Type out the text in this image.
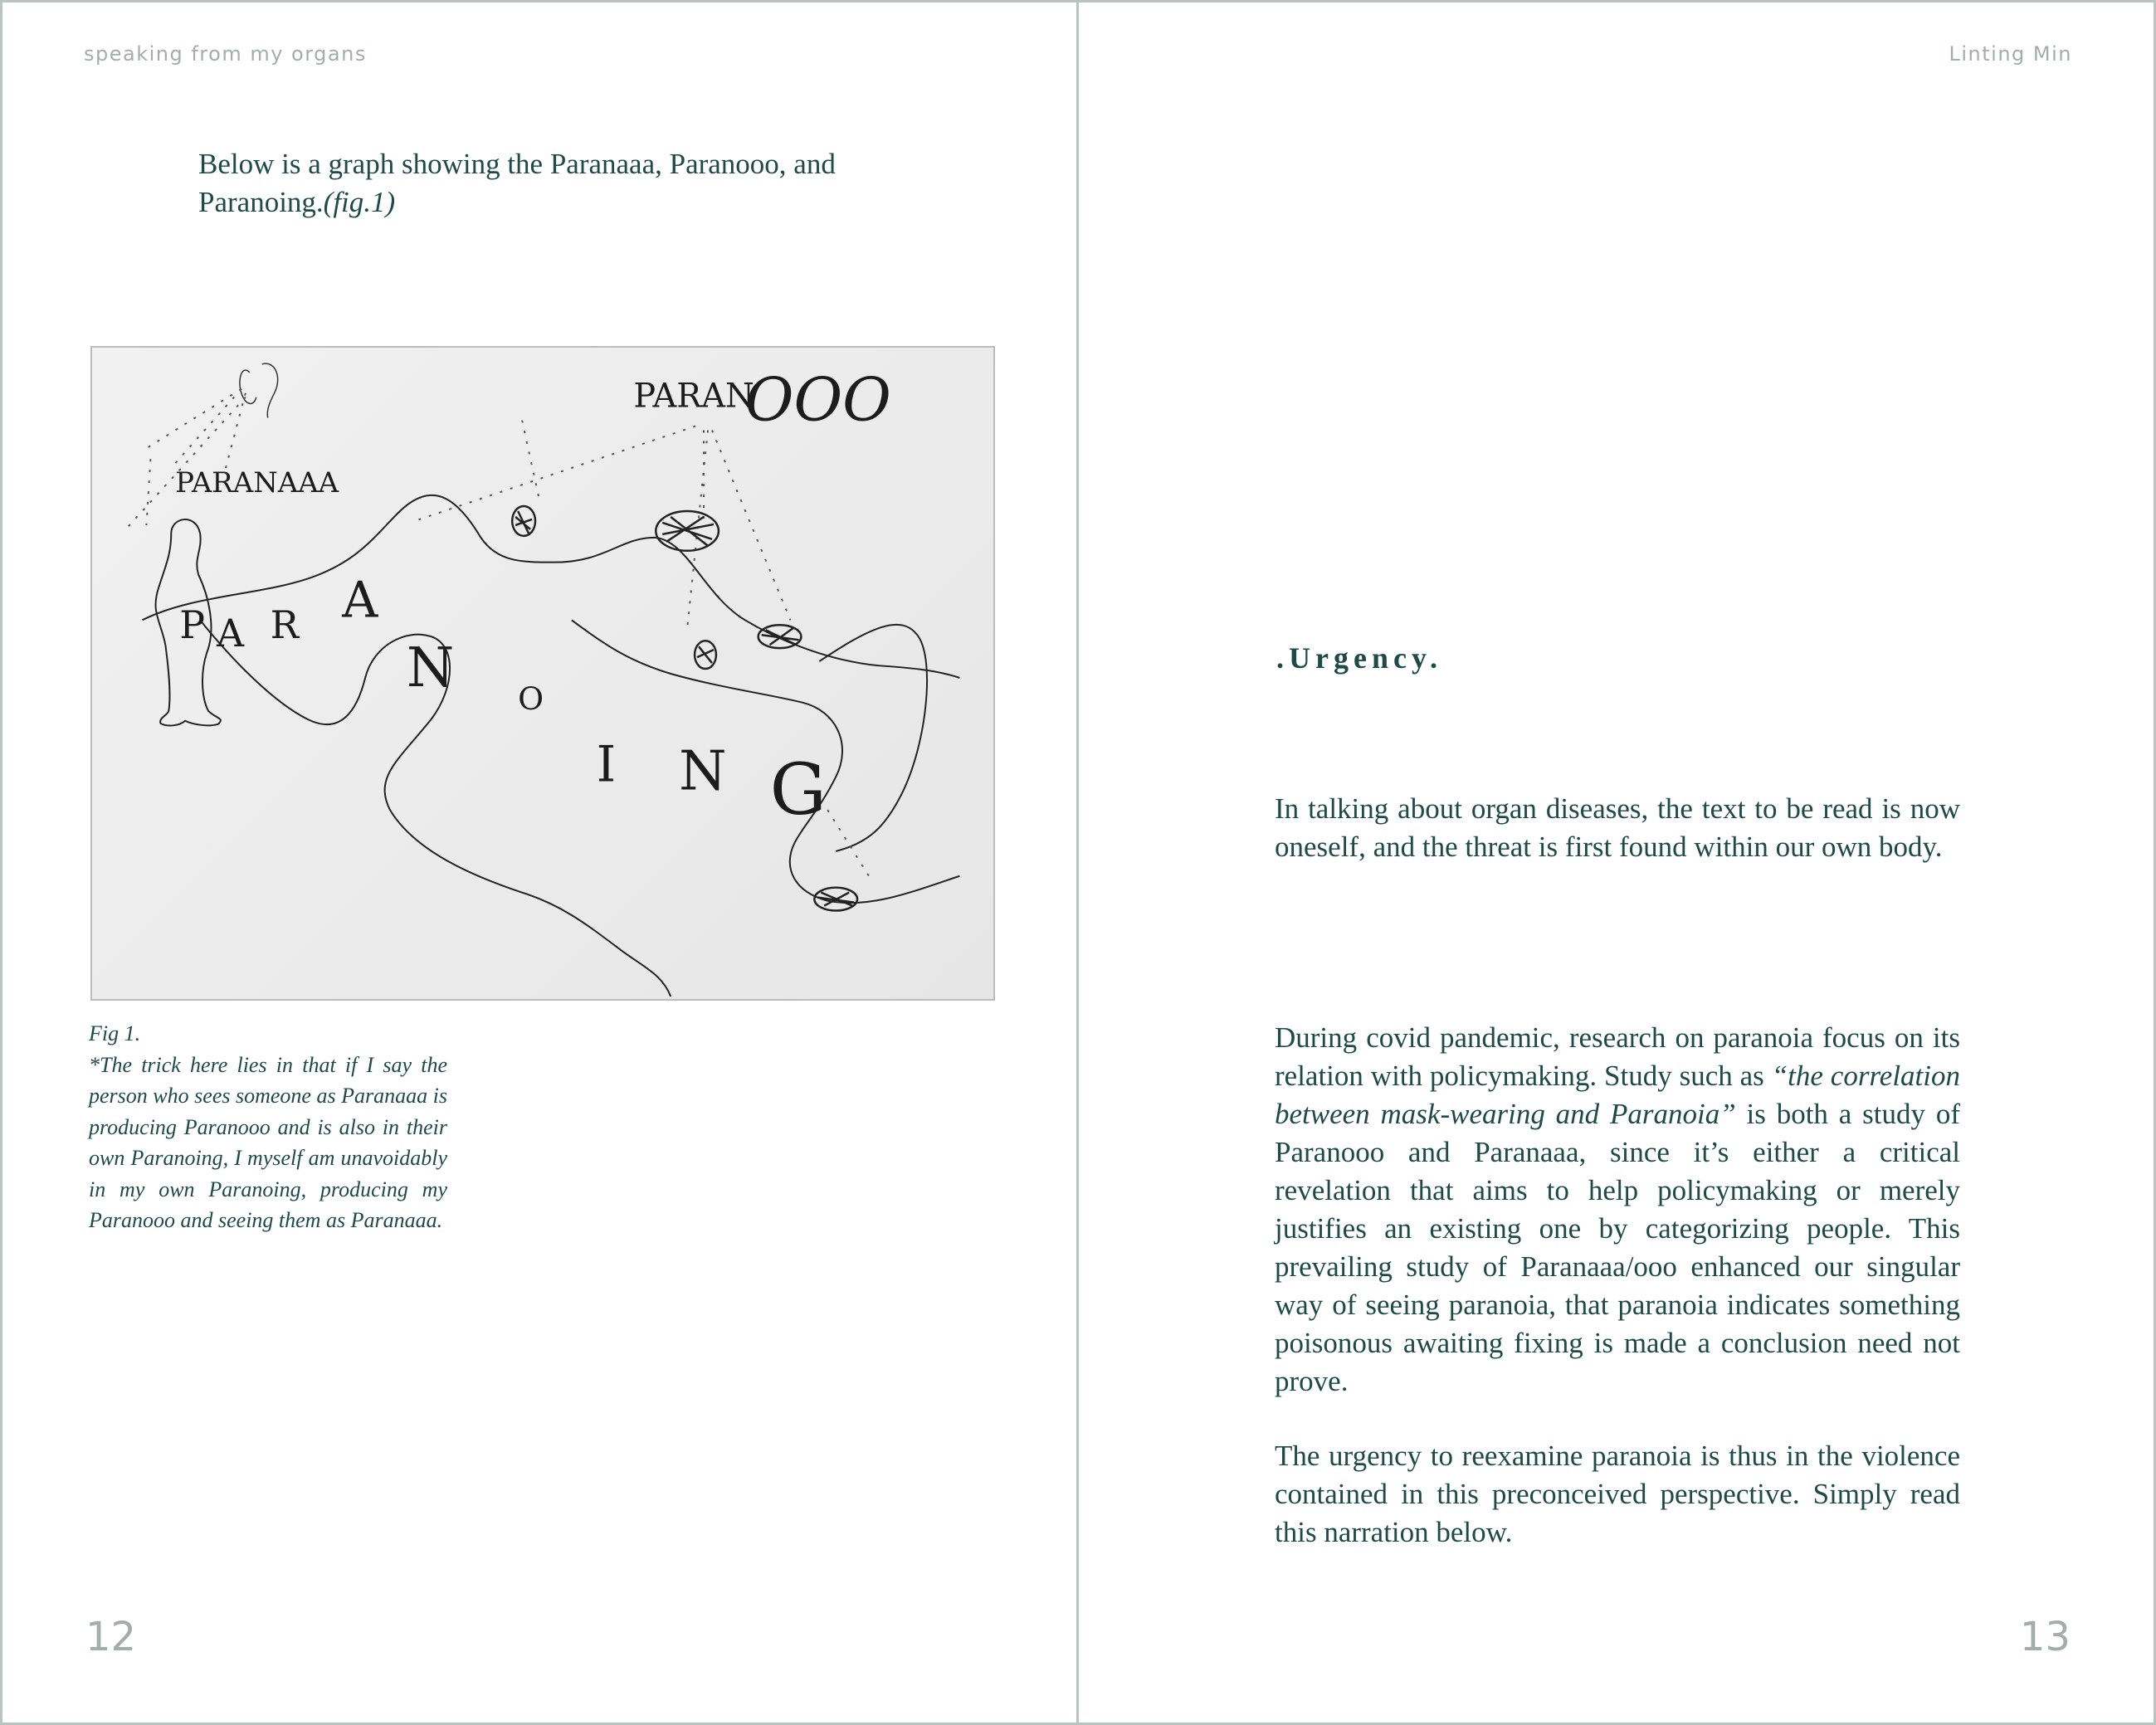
speaking from my organs
Below is a graph showing the Paranaaa, Paranooo, and Paranoing.(fig.1)
PARANAAA
PARAN
OOO
P A R A
N O
I N G
Fig 1.
*The trick here lies in that if I say the person who sees someone as Paranaaa is producing Paranooo and is also in their own Paranoing, I myself am unavoidably in my own Paranoing, producing my Paranooo and seeing them as Paranaaa.
12
Linting Min
13
.Urgency.
In talking about organ diseases, the text to be read is now oneself, and the threat is first found within our own body.
During covid pandemic, research on paranoia focus on its relation with policymaking. Study such as “the correlation between mask-wearing and Paranoia” is both a study of Paranooo and Paranaaa, since it’s either a critical revelation that aims to help policymaking or merely justifies an existing one by categorizing people. This prevailing study of Paranaaa/ooo enhanced our singular way of seeing paranoia, that paranoia indicates something poisonous awaiting fixing is made a conclusion need not prove.
The urgency to reexamine paranoia is thus in the violence contained in this preconceived perspective. Simply read this narration below.
